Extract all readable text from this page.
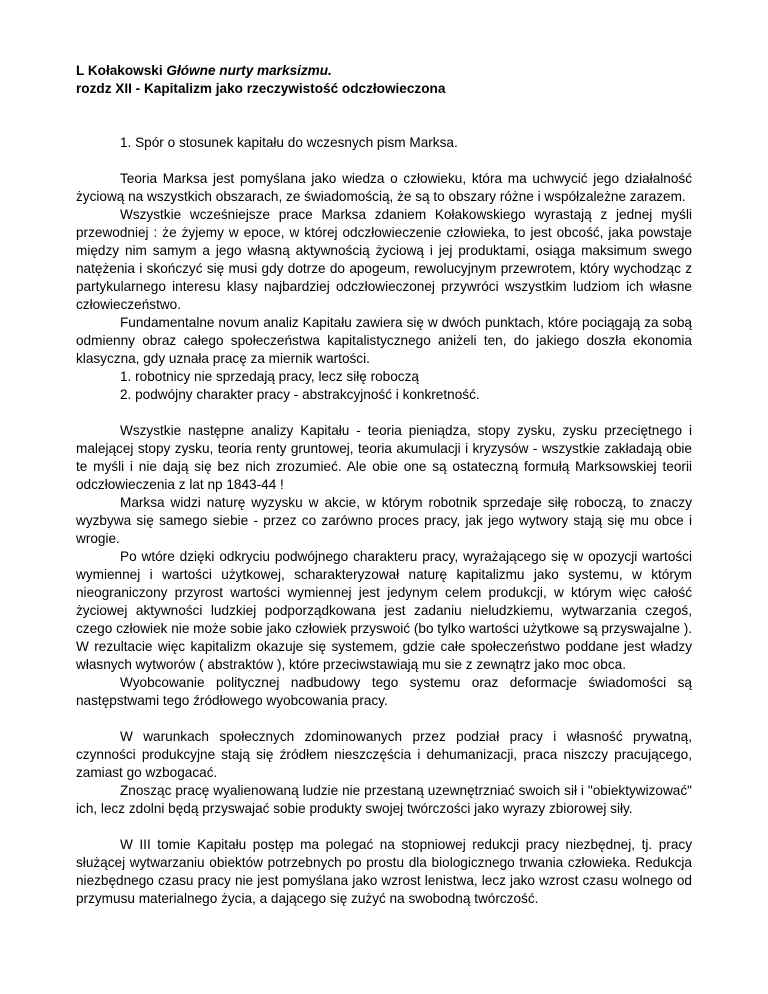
L Kołakowski Główne nurty marksizmu.
rozdz XII - Kapitalizm jako rzeczywistość odczłowieczona
1. Spór o stosunek kapitału do wczesnych pism Marksa.

Teoria Marksa jest pomyślana jako wiedza o człowieku, która ma uchwycić jego działalność życiową na wszystkich obszarach, ze świadomością, że są to obszary różne i współzależne zarazem.

Wszystkie wcześniejsze prace Marksa zdaniem Kołakowskiego wyrastają z jednej myśli przewodniej : że żyjemy w epoce, w której odczłowieczenie człowieka, to jest obcość, jaka powstaje między nim samym a jego własną aktywnością życiową i jej produktami, osiąga maksimum swego natężenia i skończyć się musi gdy dotrze do apogeum, rewolucyjnym przewrotem, który wychodząc z partykularnego interesu klasy najbardziej odczłowieczonej przywróci wszystkim ludziom ich własne człowieczeństwo.

Fundamentalne novum analiz Kapitału zawiera się w dwóch punktach, które pociągają za sobą odmienny obraz całego społeczeństwa kapitalistycznego aniżeli ten, do jakiego doszła ekonomia klasyczna, gdy uznała pracę za miernik wartości.

1. robotnicy nie sprzedają pracy, lecz siłę roboczą
2. podwójny charakter pracy - abstrakcyjność i konkretność.

Wszystkie następne analizy Kapitału - teoria pieniądza, stopy zysku, zysku przeciętnego i malejącej stopy zysku, teoria renty gruntowej, teoria akumulacji i kryzysów - wszystkie zakładają obie te myśli i nie dają się bez nich zrozumieć. Ale obie one są ostateczną formułą Marksowskiej teorii odczłowieczenia z lat np 1843-44 !

Marksa widzi naturę wyzysku w akcie, w którym robotnik sprzedaje siłę roboczą, to znaczy wyzbywa się samego siebie - przez co zarówno proces pracy, jak jego wytwory stają się mu obce i wrogie.

Po wtóre dzięki odkryciu podwójnego charakteru pracy, wyrażającego się w opozycji wartości wymiennej i wartości użytkowej, scharakteryzował naturę kapitalizmu jako systemu, w którym nieograniczony przyrost wartości wymiennej jest jedynym celem produkcji, w którym więc całość życiowej aktywności ludzkiej podporządkowana jest zadaniu nieludzkiemu, wytwarzania czegoś, czego człowiek nie może sobie jako człowiek przyswoić (bo tylko wartości użytkowe są przyswajalne ). W rezultacie więc kapitalizm okazuje się systemem, gdzie całe społeczeństwo poddane jest władzy własnych wytworów ( abstraktów ), które przeciwstawiają mu sie z zewnątrz jako moc obca.

Wyobcowanie politycznej nadbudowy tego systemu oraz deformacje świadomości są następstwami tego źródłowego wyobcowania pracy.

W warunkach społecznych zdominowanych przez podział pracy i własność prywatną, czynności produkcyjne stają się źródłem nieszczęścia i dehumanizacji, praca niszczy pracującego, zamiast go wzbogacać.

Znosząc pracę wyalienowaną ludzie nie przestaną uzewnętrzniać swoich sił i "obiektywizować" ich, lecz zdolni będą przyswajać sobie produkty swojej twórczości jako wyrazy zbiorowej siły.

W III tomie Kapitału postęp ma polegać na stopniowej redukcji pracy niezbędnej, tj. pracy służącej wytwarzaniu obiektów potrzebnych po prostu dla biologicznego trwania człowieka. Redukcja niezbędnego czasu pracy nie jest pomyślana jako wzrost lenistwa, lecz jako wzrost czasu wolnego od przymusu materialnego życia, a dającego się zużyć na swobodną twórczość.
